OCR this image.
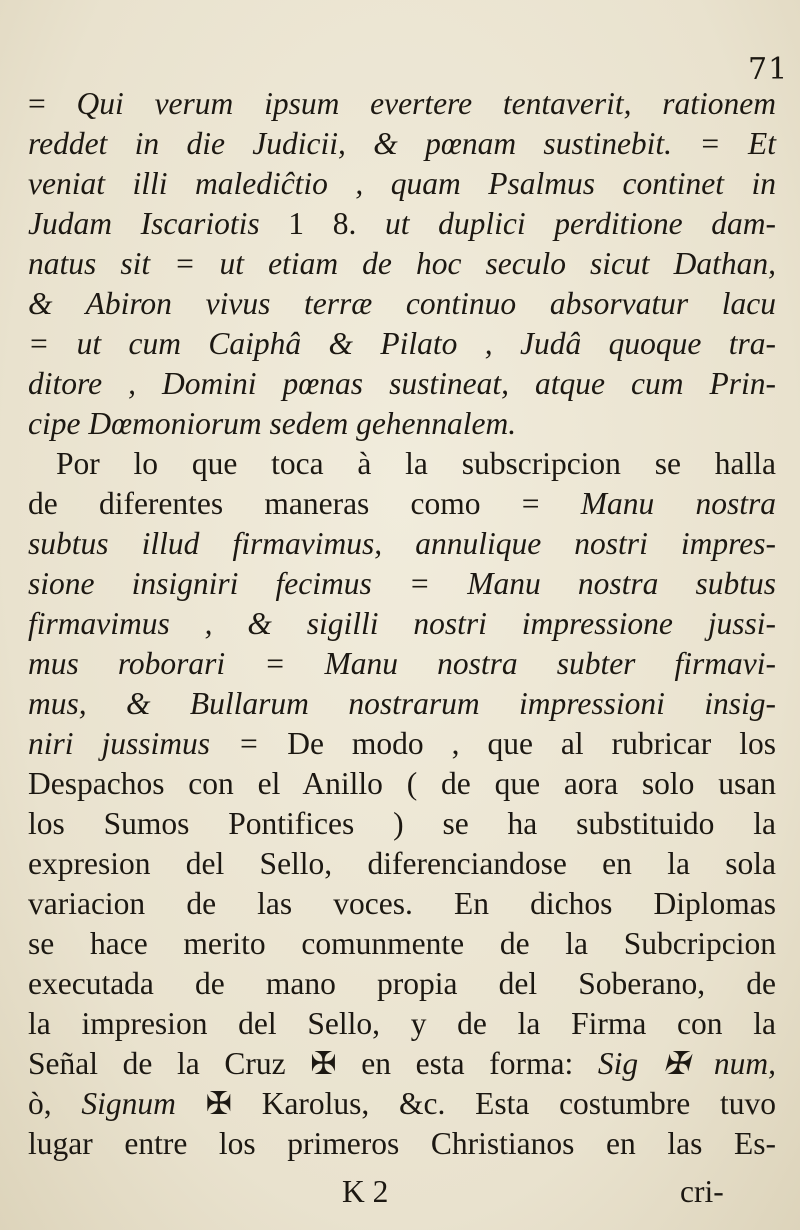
71
= Qui verum ipsum evertere tentaverit, rationem
reddet in die Judicii, & pœnam sustinebit. = Et
veniat illi malediĉtio , quam Psalmus continet in
Judam Iscariotis 1 8. ut duplici perditione dam-
natus sit = ut etiam de hoc seculo sicut Dathan,
& Abiron vivus terræ continuo absorvatur lacu
= ut cum Caiphâ & Pilato , Judâ quoque tra-
ditore , Domini pœnas sustineat, atque cum Prin-
cipe Dœmoniorum sedem gehennalem.
Por lo que toca à la subscripcion se halla
de diferentes maneras como = Manu nostra
subtus illud firmavimus, annulique nostri impres-
sione insigniri fecimus = Manu nostra subtus
firmavimus , & sigilli nostri impressione jussi-
mus roborari = Manu nostra subter firmavi-
mus, & Bullarum nostrarum impressioni insig-
niri jussimus = De modo , que al rubricar los
Despachos con el Anillo ( de que aora solo usan
los Sumos Pontifices ) se ha substituido la
expresion del Sello, diferenciandose en la sola
variacion de las voces. En dichos Diplomas
se hace merito comunmente de la Subcripcion
executada de mano propia del Soberano, de
la impresion del Sello, y de la Firma con la
Señal de la Cruz ✠ en esta forma: Sig ✠ num,
ò, Signum ✠ Karolus, &c. Esta costumbre tuvo
lugar entre los primeros Christianos en las Es-
K 2	cri-
